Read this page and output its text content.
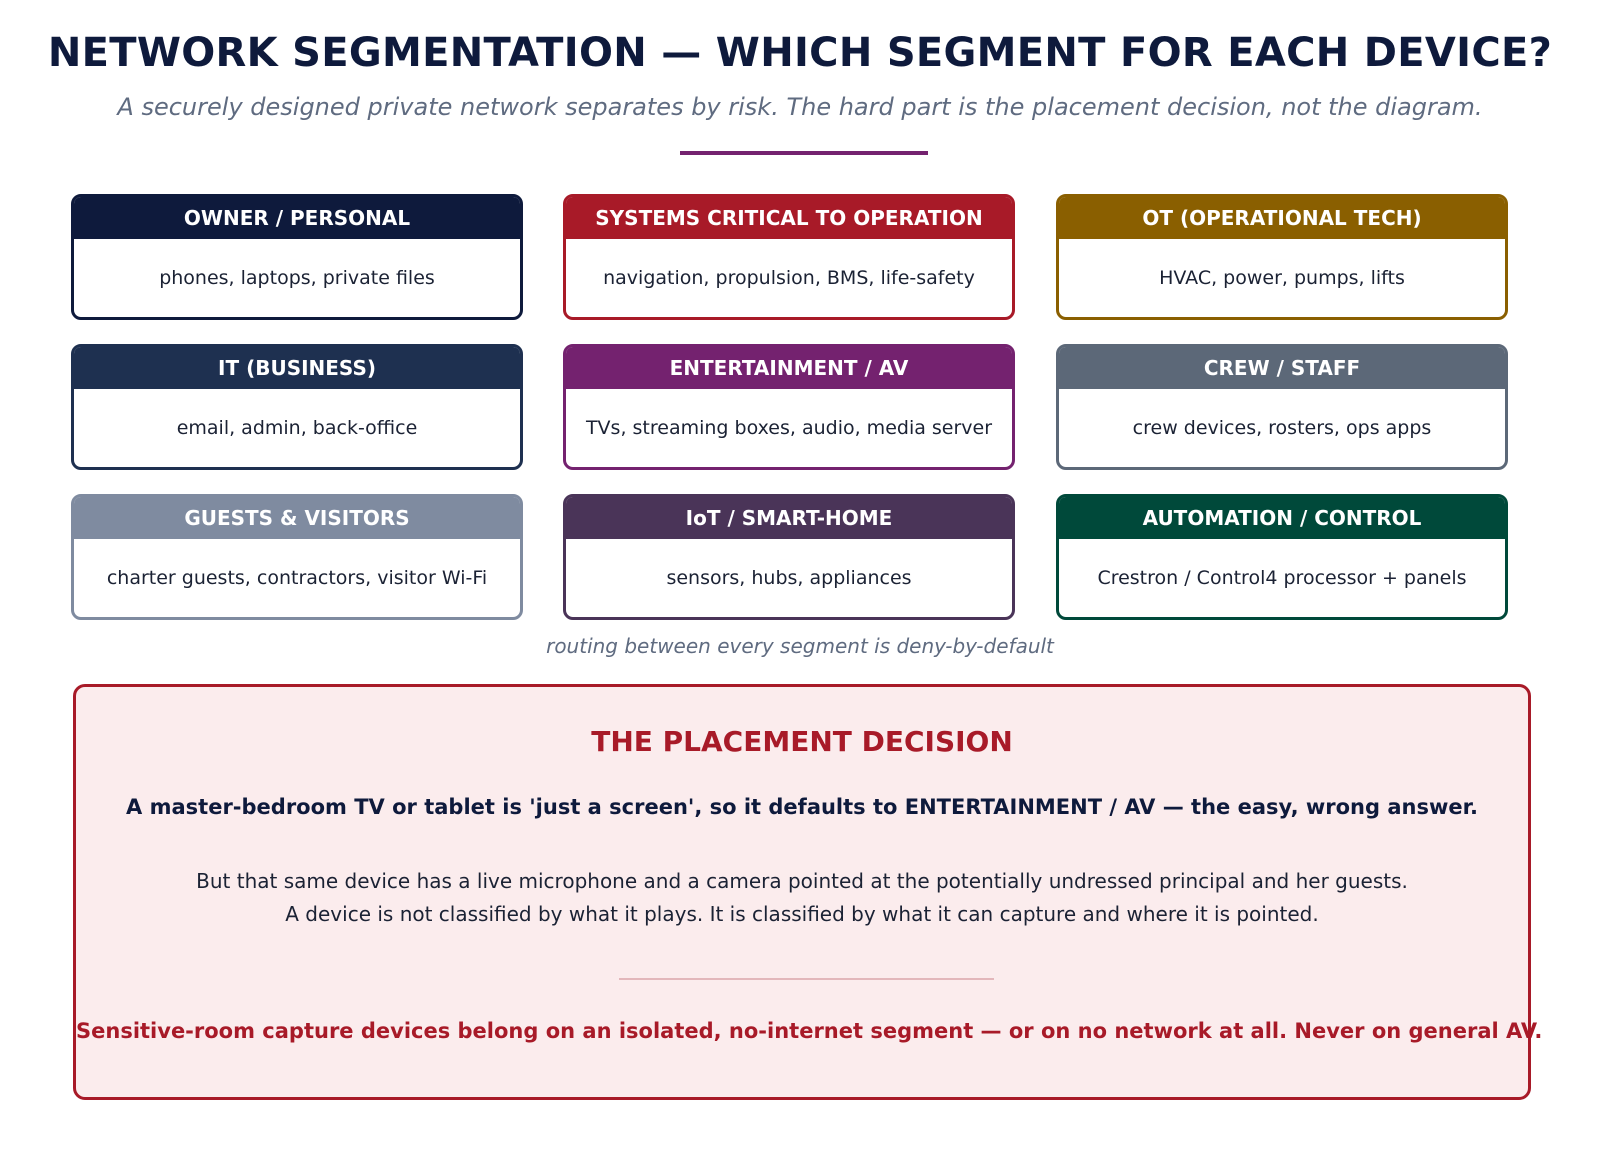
NETWORK SEGMENTATION — WHICH SEGMENT FOR EACH DEVICE?
A securely designed private network separates by risk. The hard part is the placement decision, not the diagram.
OWNER / PERSONAL
phones, laptops, private files
SYSTEMS CRITICAL TO OPERATION
navigation, propulsion, BMS, life-safety
OT (OPERATIONAL TECH)
HVAC, power, pumps, lifts
IT (BUSINESS)
email, admin, back-office
ENTERTAINMENT / AV
TVs, streaming boxes, audio, media server
CREW / STAFF
crew devices, rosters, ops apps
GUESTS & VISITORS
charter guests, contractors, visitor Wi-Fi
IoT / SMART-HOME
sensors, hubs, appliances
AUTOMATION / CONTROL
Crestron / Control4 processor + panels
routing between every segment is deny-by-default
THE PLACEMENT DECISION
A master-bedroom TV or tablet is 'just a screen', so it defaults to ENTERTAINMENT / AV — the easy, wrong answer.
But that same device has a live microphone and a camera pointed at the potentially undressed principal and her guests.
A device is not classified by what it plays. It is classified by what it can capture and where it is pointed.
Sensitive-room capture devices belong on an isolated, no-internet segment — or on no network at all. Never on general AV.
